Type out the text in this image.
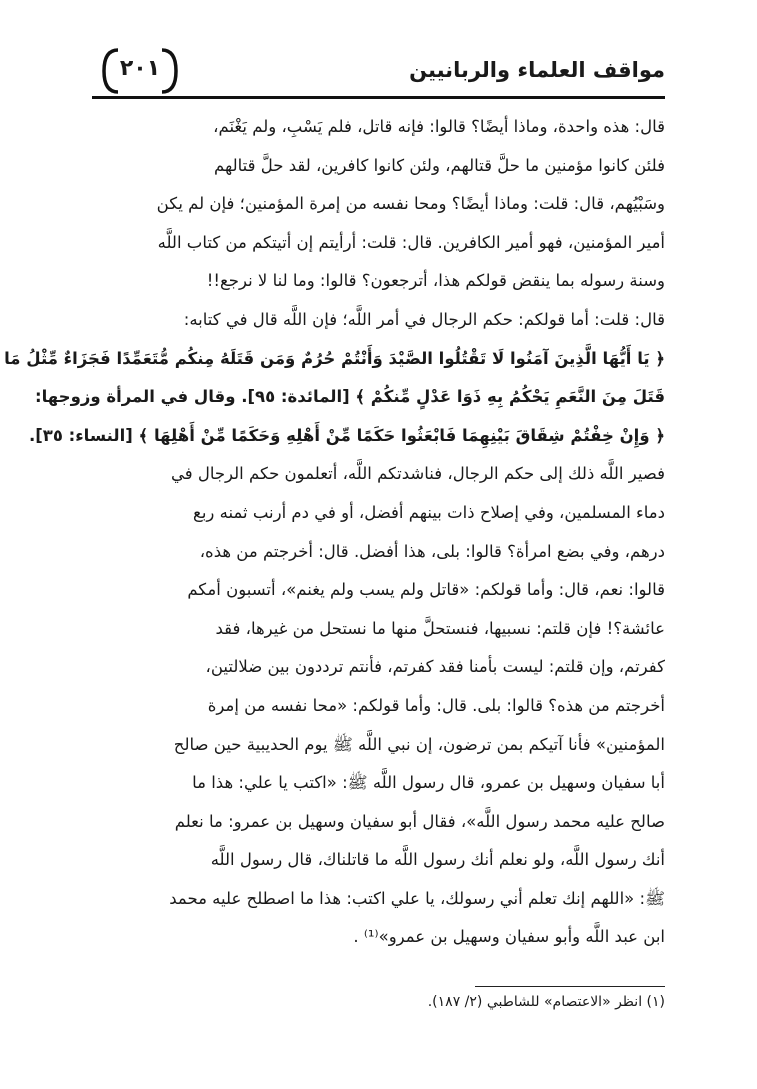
٢٠١	مواقف العلماء والربانيين
قال: هذه واحدة، وماذا أيضًا؟ قالوا: فإنه قاتل، فلم يَسْبِ، ولم يَغْنَم،
فلئن كانوا مؤمنين ما حلَّ قتالهم، ولئن كانوا كافرين، لقد حلَّ قتالهم
وسَبْيُهم، قال: قلت: وماذا أيضًا؟ ومحا نفسه من إمرة المؤمنين؛ فإن لم يكن
أمير المؤمنين، فهو أمير الكافرين. قال: قلت: أرأيتم إن أتيتكم من كتاب اللَّه
وسنة رسوله بما ينقض قولكم هذا، أترجعون؟ قالوا: وما لنا لا نرجع!!
قال: قلت: أما قولكم: حكم الرجال في أمر اللَّه؛ فإن اللَّه قال في كتابه:
﴿ يَا أَيُّهَا الَّذِينَ آمَنُوا لَا تَقْتُلُوا الصَّيْدَ وَأَنْتُمْ حُرُمٌ وَمَن قَتَلَهُ مِنكُم مُّتَعَمِّدًا فَجَزَاءٌ مِّثْلُ مَا
قَتَلَ مِنَ النَّعَمِ يَحْكُمُ بِهِ ذَوَا عَدْلٍ مِّنكُمْ ﴾ [المائدة: ٩٥]. وقال في المرأة وزوجها:
﴿ وَإِنْ خِفْتُمْ شِقَاقَ بَيْنِهِمَا فَابْعَثُوا حَكَمًا مِّنْ أَهْلِهِ وَحَكَمًا مِّنْ أَهْلِهَا ﴾ [النساء: ٣٥].
فصير اللَّه ذلك إلى حكم الرجال، فناشدتكم اللَّه، أتعلمون حكم الرجال في
دماء المسلمين، وفي إصلاح ذات بينهم أفضل، أو في دم أرنب ثمنه ربع
درهم، وفي بضع امرأة؟ قالوا: بلى، هذا أفضل. قال: أخرجتم من هذه،
قالوا: نعم، قال: وأما قولكم: «قاتل ولم يسب ولم يغنم»، أتسبون أمكم
عائشة؟! فإن قلتم: نسبيها، فنستحلَّ منها ما نستحل من غيرها، فقد
كفرتم، وإن قلتم: ليست بأمنا فقد كفرتم، فأنتم ترددون بين ضلالتين،
أخرجتم من هذه؟ قالوا: بلى. قال: وأما قولكم: «محا نفسه من إمرة
المؤمنين» فأنا آتيكم بمن ترضون، إن نبي اللَّه ﷺ يوم الحديبية حين صالح
أبا سفيان وسهيل بن عمرو، قال رسول اللَّه ﷺ: «اكتب يا علي: هذا ما
صالح عليه محمد رسول اللَّه»، فقال أبو سفيان وسهيل بن عمرو: ما نعلم
أنك رسول اللَّه، ولو نعلم أنك رسول اللَّه ما قاتلناك، قال رسول اللَّه
ﷺ: «اللهم إنك تعلم أني رسولك، يا علي اكتب: هذا ما اصطلح عليه محمد
ابن عبد اللَّه وأبو سفيان وسهيل بن عمرو»⁽¹⁾ .
(١) انظر «الاعتصام» للشاطبي (٢/ ١٨٧).
